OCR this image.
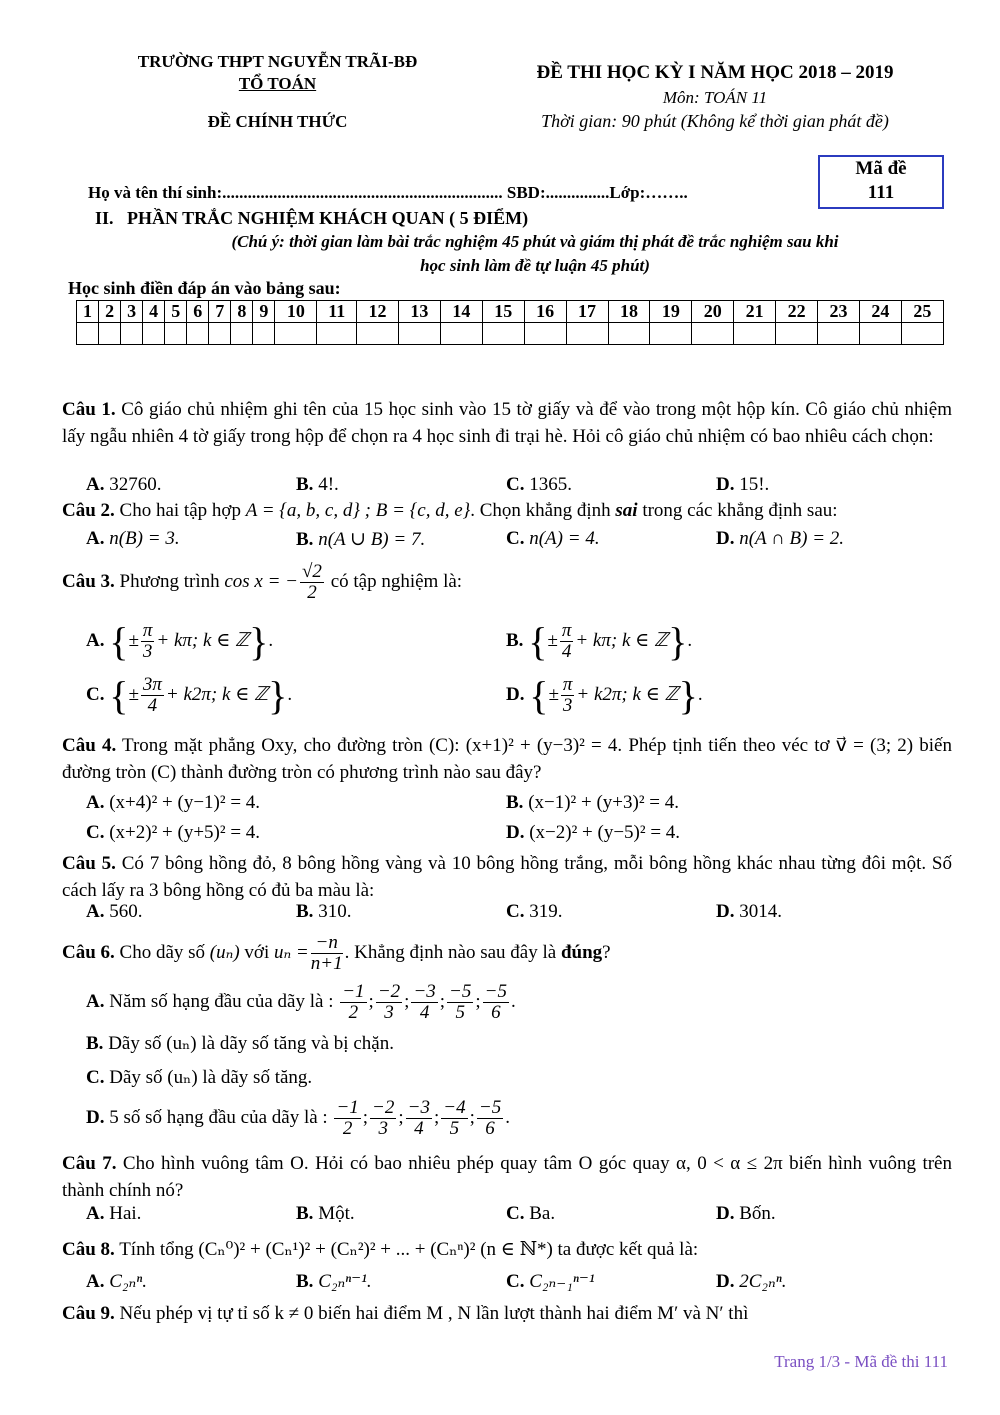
TRƯỜNG THPT NGUYỄN TRÃI-BĐ
TỔ TOÁN
ĐỀ CHÍNH THỨC
ĐỀ THI HỌC KỲ I NĂM HỌC 2018 – 2019
Môn: TOÁN 11
Thời gian: 90 phút (Không kể thời gian phát đề)
Mã đề
111
Họ và tên thí sinh:.................................................................. SBD:...............Lớp:……..
II.   PHẦN TRẮC NGHIỆM KHÁCH QUAN ( 5 ĐIỂM)
(Chú ý: thời gian làm bài trắc nghiệm 45 phút và giám thị phát đề trắc nghiệm sau khi
học sinh làm đề tự luận 45 phút)
Học sinh điền đáp án vào bảng sau:
1	2	3	4	5	6	7	8	9	10	11	12	13	14	15	16	17	18	19	20	21	22	23	24	25

Câu 1. Cô giáo chủ nhiệm ghi tên của 15 học sinh vào 15 tờ giấy và để vào trong một hộp kín. Cô giáo chủ nhiệm lấy ngẫu nhiên 4 tờ giấy trong hộp để chọn ra 4 học sinh đi trại hè. Hỏi cô giáo chủ nhiệm có bao nhiêu cách chọn:
A. 32760.	B. 4!.	C. 1365.	D. 15!.
Câu 2. Cho hai tập hợp A = {a, b, c, d} ; B = {c, d, e}. Chọn khẳng định sai trong các khẳng định sau:
A. n(B) = 3.	B. n(A ∪ B) = 7.	C. n(A) = 4.	D. n(A ∩ B) = 2.
Câu 3. Phương trình cos x = − $\frac{√2}{2}$ có tập nghiệm là:
A. {± $\frac{\pi}{3} + k\pi$; k ∈ ℤ}.	B. {± $\frac{\pi}{4} + k\pi$; k ∈ ℤ}.
C. {± $\frac{3\pi}{4} + k2\pi$; k ∈ ℤ}.	D. {± $\frac{\pi}{3} + k2\pi$; k ∈ ℤ}.
Câu 4. Trong mặt phẳng Oxy, cho đường tròn (C): (x+1)² + (y−3)² = 4. Phép tịnh tiến theo véc tơ v⃗ = (3; 2) biến đường tròn (C) thành đường tròn có phương trình nào sau đây?
A. (x+4)² + (y−1)² = 4.	B. (x−1)² + (y+3)² = 4.
C. (x+2)² + (y+5)² = 4.	D. (x−2)² + (y−5)² = 4.
Câu 5. Có 7 bông hồng đỏ, 8 bông hồng vàng và 10 bông hồng trắng, mỗi bông hồng khác nhau từng đôi một. Số cách lấy ra 3 bông hồng có đủ ba màu là:
A. 560.	B. 310.	C. 319.	D. 3014.
Câu 6. Cho dãy số (uₙ) với $u_n = \frac{-n}{n+1}$ . Khẳng định nào sau đây là đúng?
A. Năm số hạng đầu của dãy là : $\frac{-1}{2}$ ; $\frac{-2}{3}$ ; $\frac{-3}{4}$ ; $\frac{-5}{5}$ ; $\frac{-5}{6}$ .
B. Dãy số (uₙ) là dãy số tăng và bị chặn.
C. Dãy số (uₙ) là dãy số tăng.
D. 5 số số hạng đầu của dãy là : $\frac{-1}{2}$ ; $\frac{-2}{3}$ ; $\frac{-3}{4}$ ; $\frac{-4}{5}$ ; $\frac{-5}{6}$ .
Câu 7. Cho hình vuông tâm O. Hỏi có bao nhiêu phép quay tâm O góc quay α, 0 < α ≤ 2π biến hình vuông trên thành chính nó?
A. Hai.	B. Một.	C. Ba.	D. Bốn.
Câu 8. Tính tổng (Cₙ⁰)² + (Cₙ¹)² + (Cₙ²)² + ... + (Cₙⁿ)² (n ∈ ℕ*) ta được kết quả là:
A. C₂ₙⁿ.	B. C₂ₙⁿ⁻¹.	C. C₂ₙ₋₁ⁿ⁻¹	D. 2C₂ₙⁿ.
Câu 9. Nếu phép vị tự tỉ số k ≠ 0 biến hai điểm M , N lần lượt thành hai điểm M′ và N′ thì
Trang 1/3 - Mã đề thi 111
